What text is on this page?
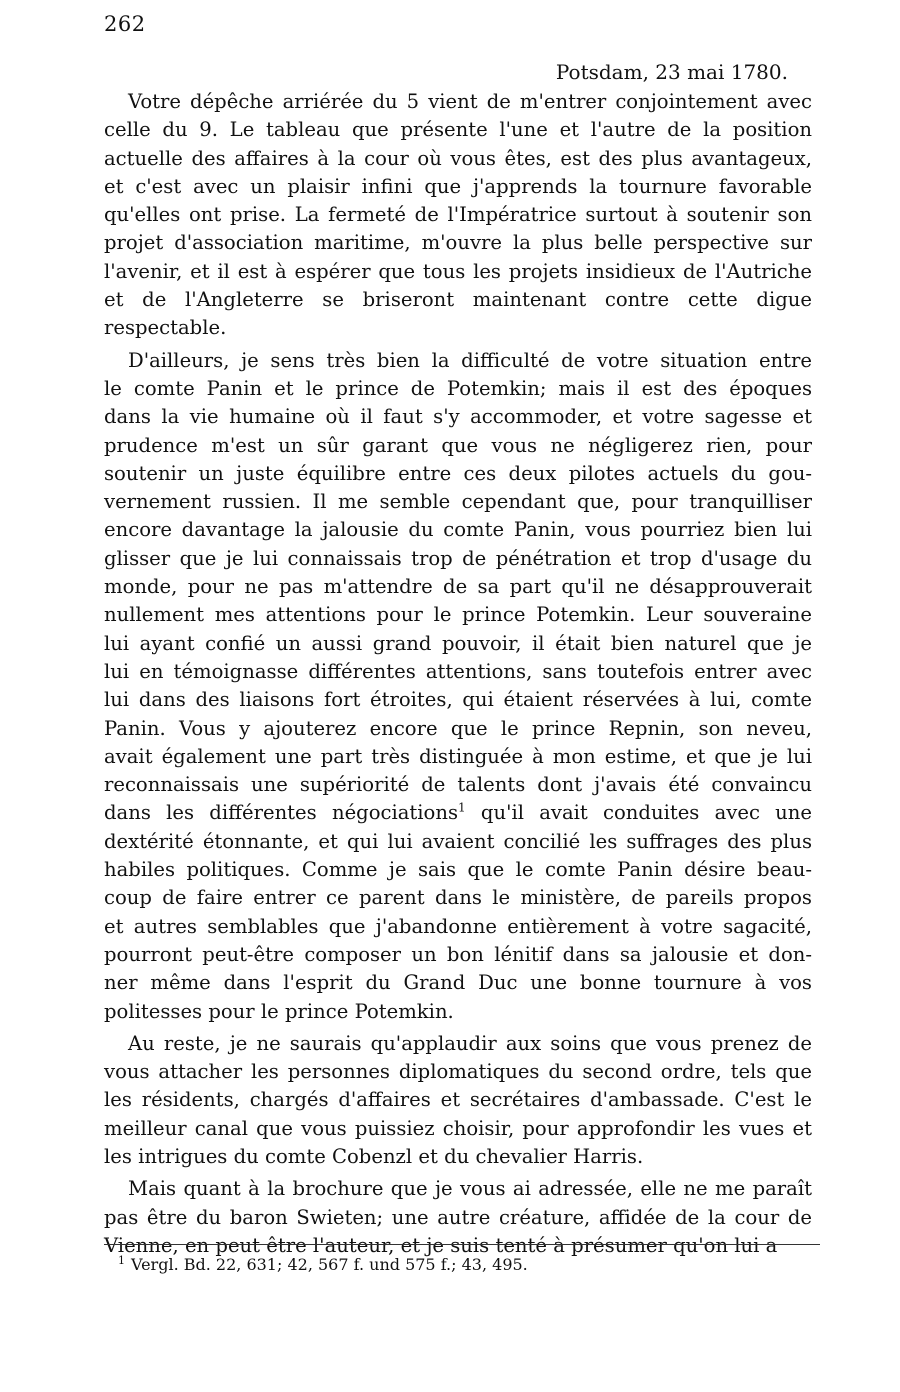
262
Potsdam, 23 mai 1780.

Votre dépêche arriérée du 5 vient de m'entrer conjointement avec
celle du 9. Le tableau que présente l'une et l'autre de la position
actuelle des affaires à la cour où vous êtes, est des plus avantageux,
et c'est avec un plaisir infini que j'apprends la tournure favorable
qu'elles ont prise. La fermeté de l'Impératrice surtout à soutenir son
projet d'association maritime, m'ouvre la plus belle perspective sur
l'avenir, et il est à espérer que tous les projets insidieux de l'Autriche
et de l'Angleterre se briseront maintenant contre cette digue
respectable.

D'ailleurs, je sens très bien la difficulté de votre situation entre
le comte Panin et le prince de Potemkin; mais il est des époques
dans la vie humaine où il faut s'y accommoder, et votre sagesse et
prudence m'est un sûr garant que vous ne négligerez rien, pour
soutenir un juste équilibre entre ces deux pilotes actuels du gou-
vernement russien. Il me semble cependant que, pour tranquilliser
encore davantage la jalousie du comte Panin, vous pourriez bien lui
glisser que je lui connaissais trop de pénétration et trop d'usage du
monde, pour ne pas m'attendre de sa part qu'il ne désapprouverait
nullement mes attentions pour le prince Potemkin. Leur souveraine
lui ayant confié un aussi grand pouvoir, il était bien naturel que je
lui en témoignasse différentes attentions, sans toutefois entrer avec
lui dans des liaisons fort étroites, qui étaient réservées à lui, comte
Panin. Vous y ajouterez encore que le prince Repnin, son neveu,
avait également une part très distinguée à mon estime, et que je lui
reconnaissais une supériorité de talents dont j'avais été convaincu
dans les différentes négociations$^1$ qu'il avait conduites avec une
dextérité étonnante, et qui lui avaient concilié les suffrages des plus
habiles politiques. Comme je sais que le comte Panin désire beau-
coup de faire entrer ce parent dans le ministère, de pareils propos
et autres semblables que j'abandonne entièrement à votre sagacité,
pourront peut-être composer un bon lénitif dans sa jalousie et don-
ner même dans l'esprit du Grand Duc une bonne tournure à vos
politesses pour le prince Potemkin.

Au reste, je ne saurais qu'applaudir aux soins que vous prenez de
vous attacher les personnes diplomatiques du second ordre, tels que
les résidents, chargés d'affaires et secrétaires d'ambassade. C'est le
meilleur canal que vous puissiez choisir, pour approfondir les vues et
les intrigues du comte Cobenzl et du chevalier Harris.

Mais quant à la brochure que je vous ai adressée, elle ne me paraît
pas être du baron Swieten; une autre créature, affidée de la cour de
Vienne, en peut être l'auteur, et je suis tenté à présumer qu'on lui a

$^1$ Vergl. Bd. 22, 631; 42, 567 f. und 575 f.; 43, 495.
